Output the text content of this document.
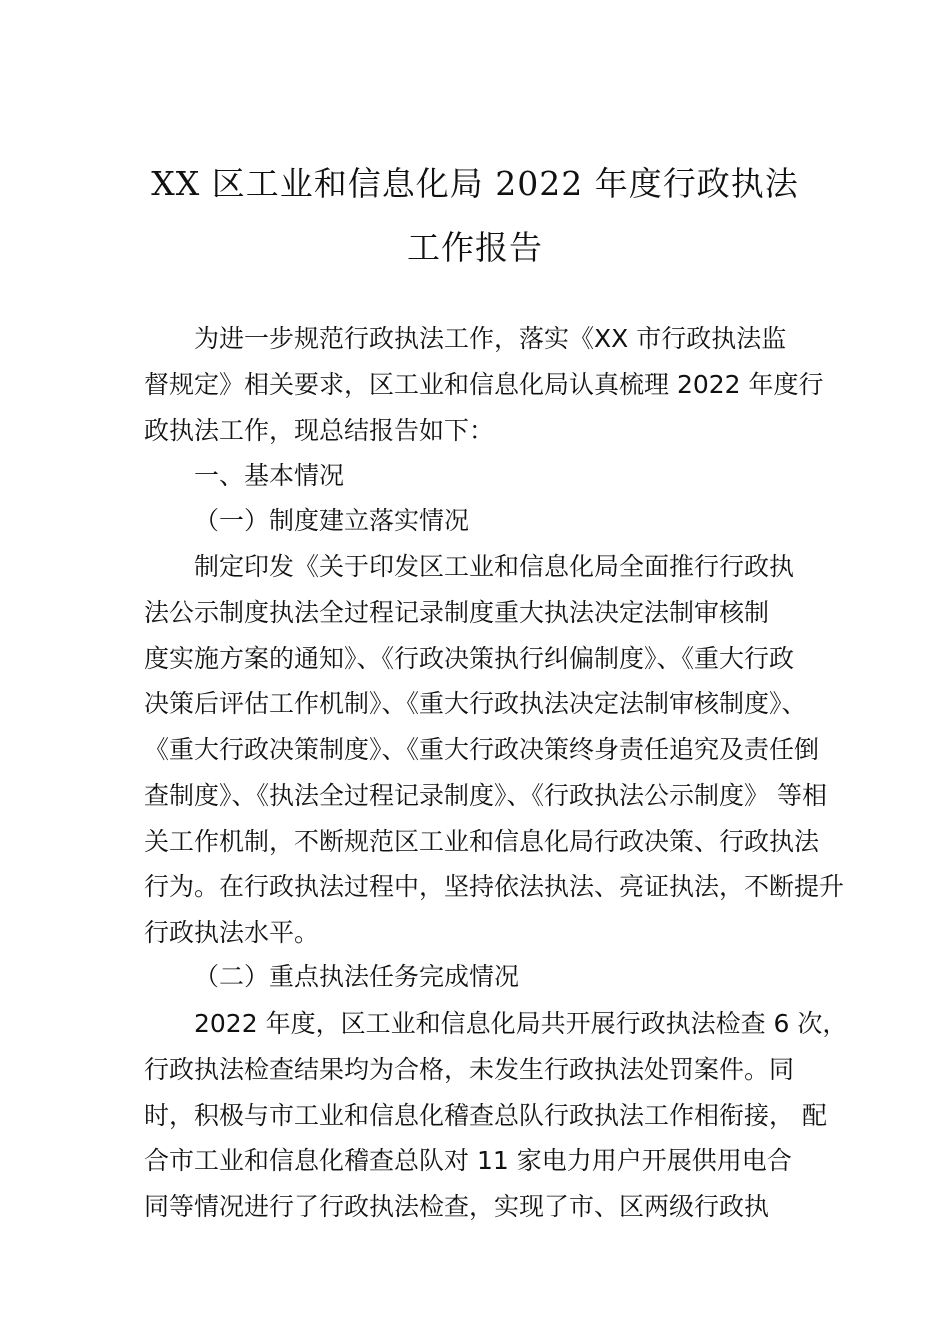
XX 区工业和信息化局 2022 年度行政执法
工作报告
为进一步规范行政执法工作，落实《XX 市行政执法监
督规定》相关要求，区工业和信息化局认真梳理 2022 年度行
政执法工作，现总结报告如下：
一、基本情况
（一）制度建立落实情况
制定印发《关于印发区工业和信息化局全面推行行政执
法公示制度执法全过程记录制度重大执法决定法制审核制
度实施方案的通知》、《行政决策执行纠偏制度》、《重大行政
决策后评估工作机制》、《重大行政执法决定法制审核制度》、
《重大行政决策制度》、《重大行政决策终身责任追究及责任倒
查制度》、《执法全过程记录制度》、《行政执法公示制度》 等相
关工作机制，不断规范区工业和信息化局行政决策、行政执法
行为。在行政执法过程中，坚持依法执法、亮证执法，不断提升
行政执法水平。
（二）重点执法任务完成情况
2022 年度，区工业和信息化局共开展行政执法检查 6 次，
行政执法检查结果均为合格，未发生行政执法处罚案件。同
时，积极与市工业和信息化稽查总队行政执法工作相衔接， 配
合市工业和信息化稽查总队对 11 家电力用户开展供用电合
同等情况进行了行政执法检查，实现了市、区两级行政执
